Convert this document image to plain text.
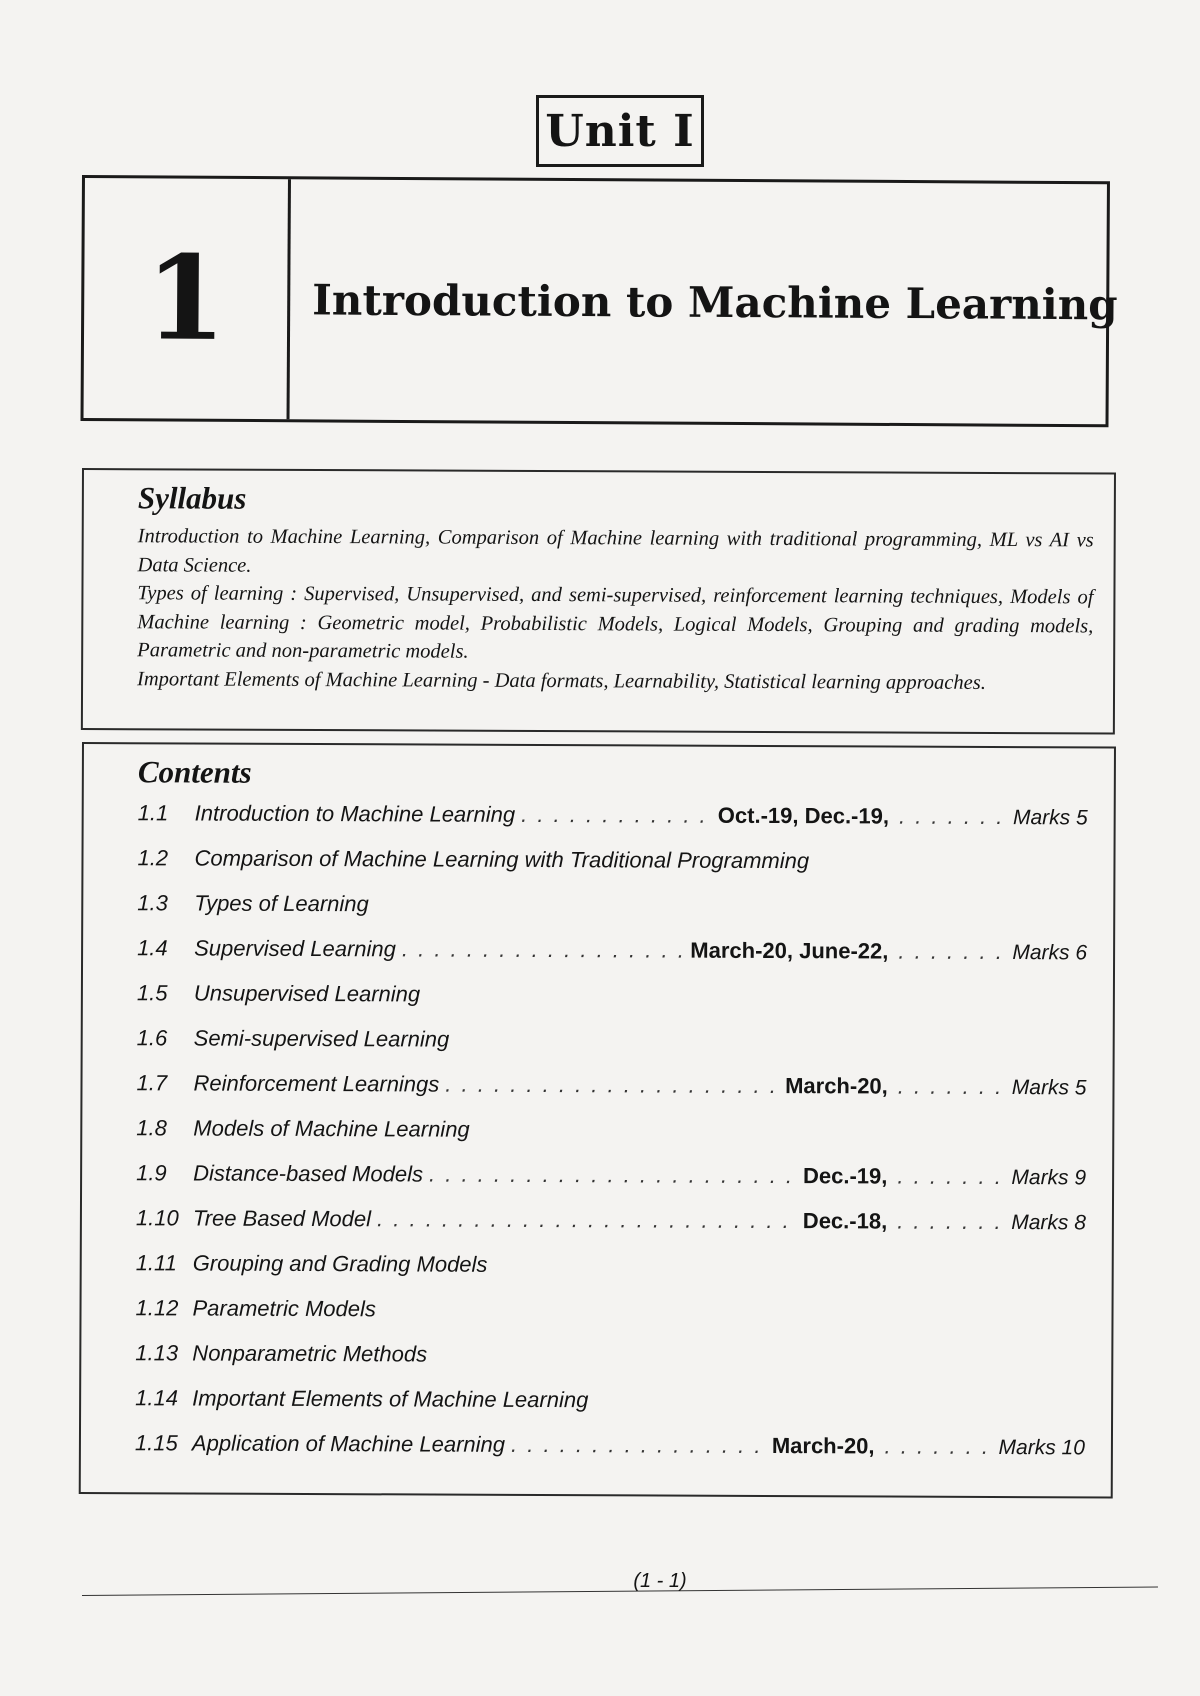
Unit I
1	Introduction to Machine Learning
Syllabus

Introduction to Machine Learning, Comparison of Machine learning with traditional programming, ML vs AI vs Data Science.

Types of learning : Supervised, Unsupervised, and semi-supervised, reinforcement learning techniques, Models of Machine learning : Geometric model, Probabilistic Models, Logical Models, Grouping and grading models, Parametric and non-parametric models.

Important Elements of Machine Learning - Data formats, Learnability, Statistical learning approaches.

Contents
1.1	Introduction to Machine Learning . . .	Oct.-19, Dec.-19, . . .	Marks 5
1.2	Comparison of Machine Learning with Traditional Programming
1.3	Types of Learning
1.4	Supervised Learning . . .	March-20, June-22, . . .	Marks 6
1.5	Unsupervised Learning
1.6	Semi-supervised Learning
1.7	Reinforcement Learnings . . .	March-20, . . .	Marks 5
1.8	Models of Machine Learning
1.9	Distance-based Models . . .	Dec.-19, . . .	Marks 9
1.10 Tree Based Model . . .	Dec.-18, . . .	Marks 8
1.11 Grouping and Grading Models
1.12 Parametric Models
1.13 Nonparametric Methods
1.14 Important Elements of Machine Learning
1.15 Application of Machine Learning . . .	March-20, . . .	Marks 10
(1 - 1)
